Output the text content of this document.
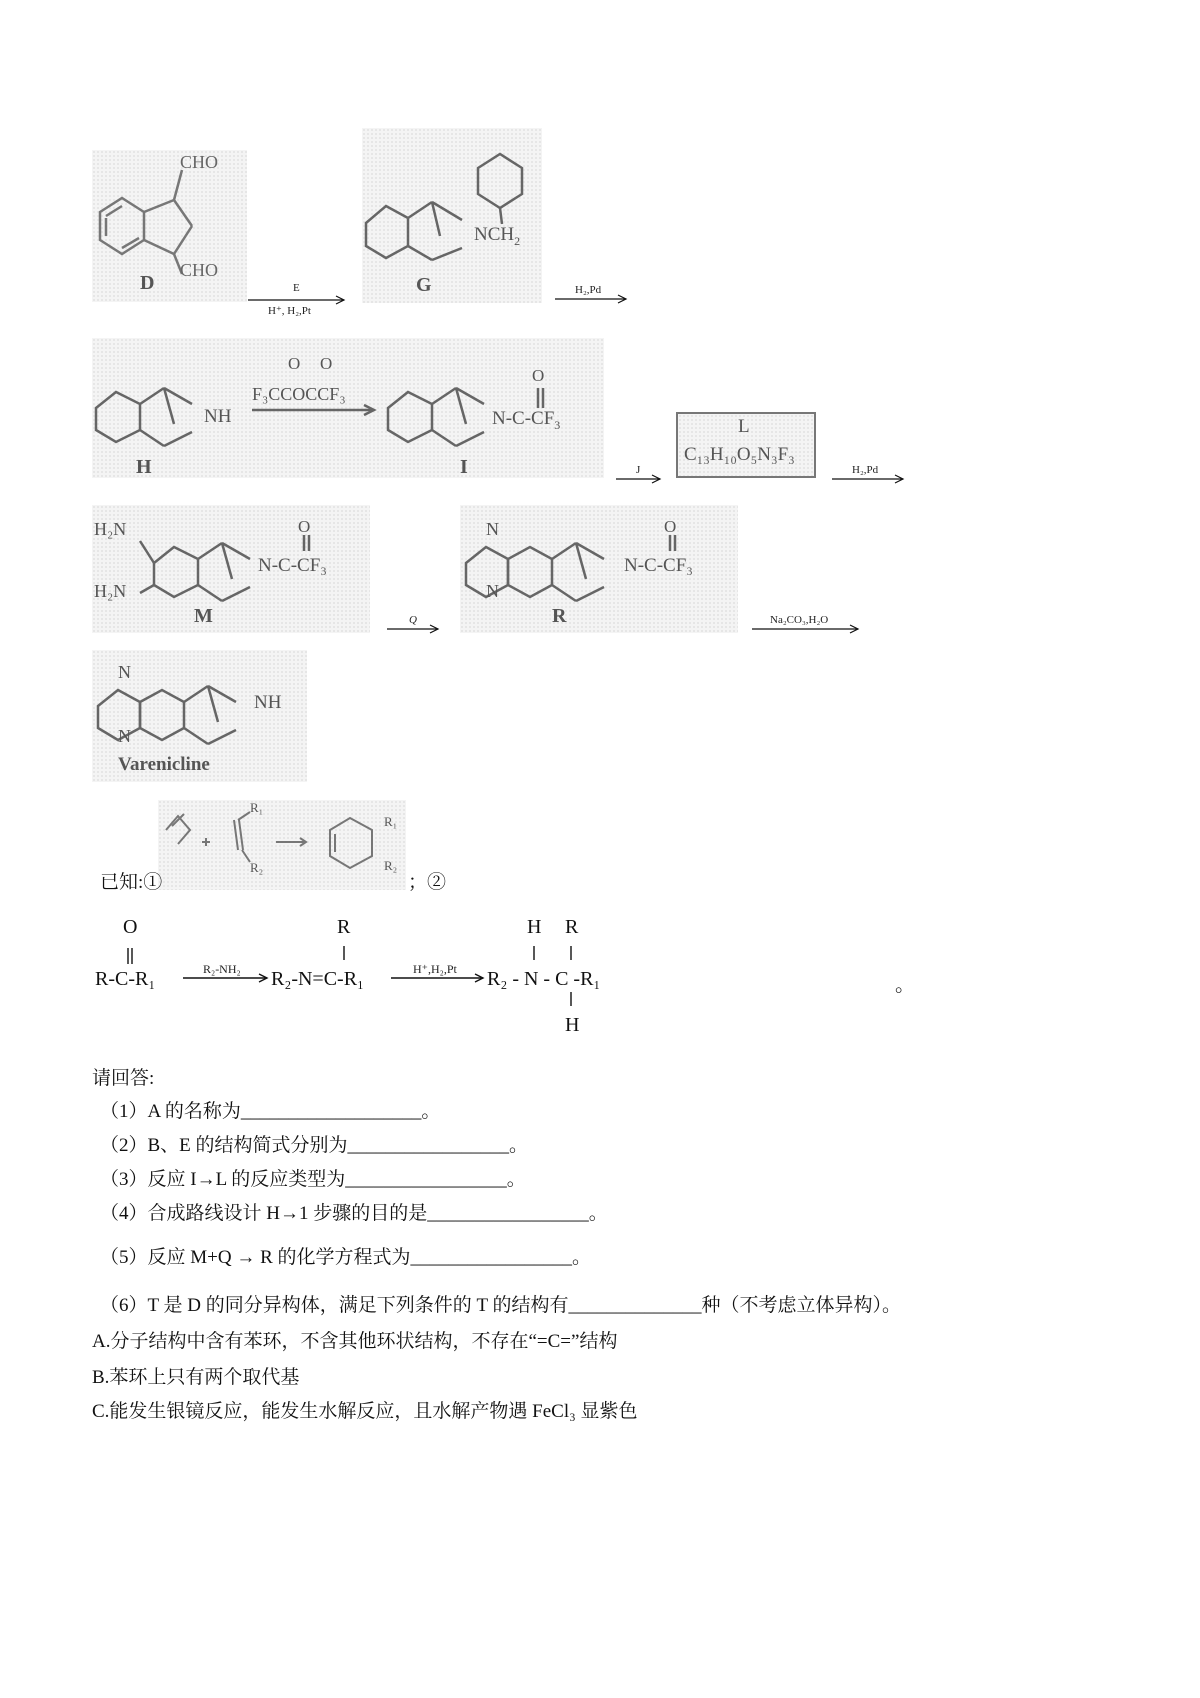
CHO
CHO
D	E
H⁺, H₂,Pt
$NCH_2$
G	H₂,Pd
NH
H
O O
F₃CCOCCF₃
O
$N-C-CF_3$
I	J
L
C₁₃H₁₀O₅N₃F₃
H₂,Pd
H₂N
H₂N
O
N-C-CF₃
M	Q
N
N
O
N-C-CF₃
R	Na₂CO₃,H₂O
N
N
NH
Varenicline
R₁
R₂
R₁
R₂
已知:①	；②
O	R	H R
R-C-R₁	R₂-NH₂ R₂-N=C-R₁	H⁺,H₂,Pt R₂ - N - C -R₁
H
。
请回答:
（1）A 的名称为___________________。
（2）B、E 的结构简式分别为_________________。
（3）反应 I→L 的反应类型为_________________。
（4）合成路线设计 H→1 步骤的目的是_________________。
（5）反应 M+Q → R 的化学方程式为_________________。
（6）T 是 D 的同分异构体，满足下列条件的 T 的结构有______________种（不考虑立体异构）。
A.分子结构中含有苯环，不含其他环状结构，不存在“=C=”结构
B.苯环上只有两个取代基
C.能发生银镜反应，能发生水解反应，且水解产物遇 FeCl₃ 显紫色
